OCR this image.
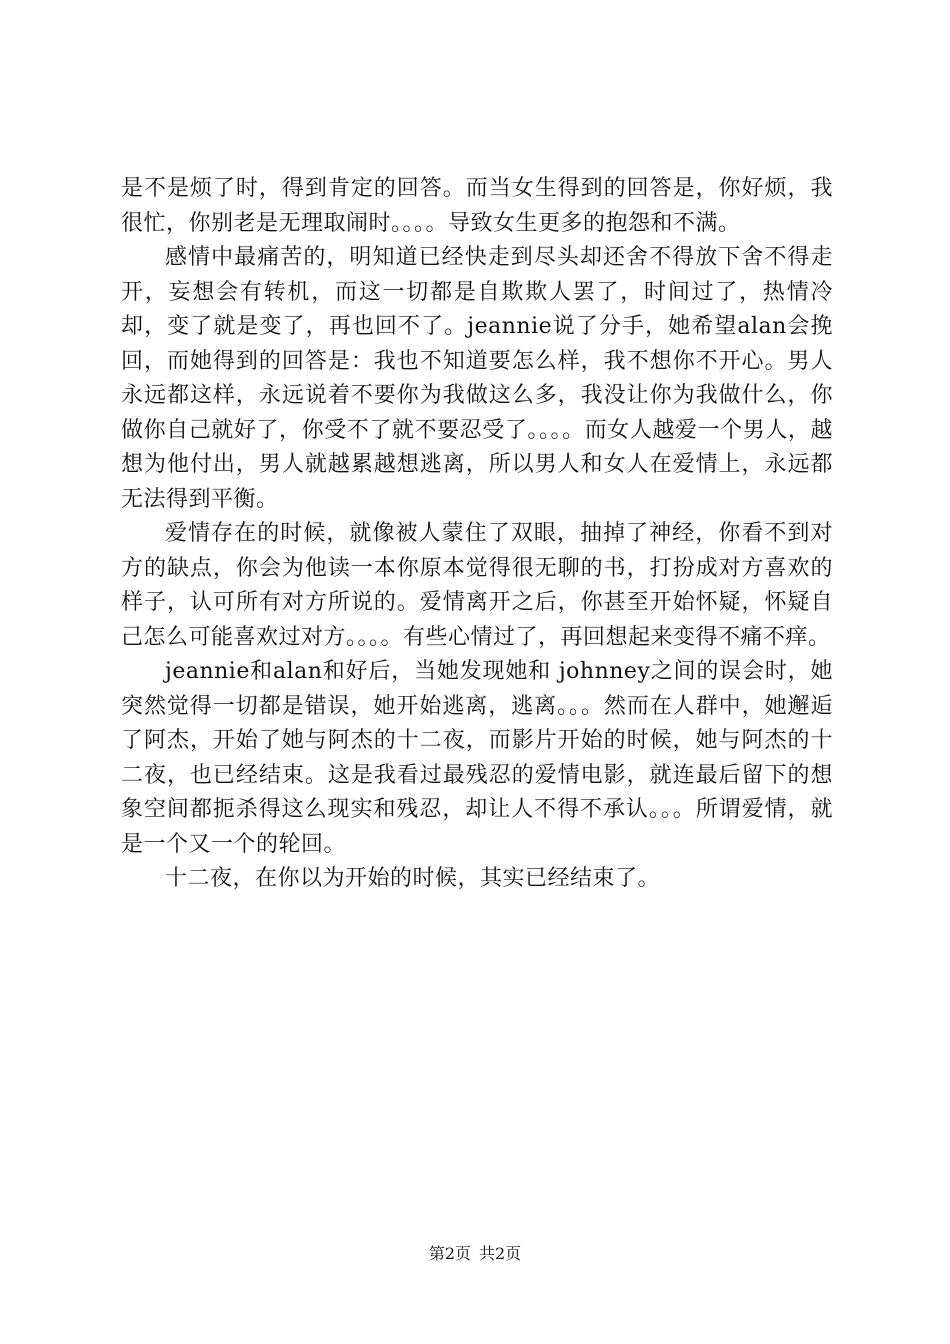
是不是烦了时，得到肯定的回答。而当女生得到的回答是，你好烦，我很忙，你别老是无理取闹时。。。。导致女生更多的抱怨和不满。

感情中最痛苦的，明知道已经快走到尽头却还舍不得放下舍不得走开，妄想会有转机，而这一切都是自欺欺人罢了，时间过了，热情冷却，变了就是变了，再也回不了。jeannie说了分手，她希望alan会挽回，而她得到的回答是：我也不知道要怎么样，我不想你不开心。男人永远都这样，永远说着不要你为我做这么多，我没让你为我做什么，你做你自己就好了，你受不了就不要忍受了。。。。而女人越爱一个男人，越想为他付出，男人就越累越想逃离，所以男人和女人在爱情上，永远都无法得到平衡。

爱情存在的时候，就像被人蒙住了双眼，抽掉了神经，你看不到对方的缺点，你会为他读一本你原本觉得很无聊的书，打扮成对方喜欢的样子，认可所有对方所说的。爱情离开之后，你甚至开始怀疑，怀疑自己怎么可能喜欢过对方。。。。有些心情过了，再回想起来变得不痛不痒。

jeannie和alan和好后，当她发现她和 johnney之间的误会时，她突然觉得一切都是错误，她开始逃离，逃离。。。然而在人群中，她邂逅了阿杰，开始了她与阿杰的十二夜，而影片开始的时候，她与阿杰的十二夜，也已经结束。这是我看过最残忍的爱情电影，就连最后留下的想象空间都扼杀得这么现实和残忍，却让人不得不承认。。。所谓爱情，就是一个又一个的轮回。

十二夜，在你以为开始的时候，其实已经结束了。

第2页 共2页
